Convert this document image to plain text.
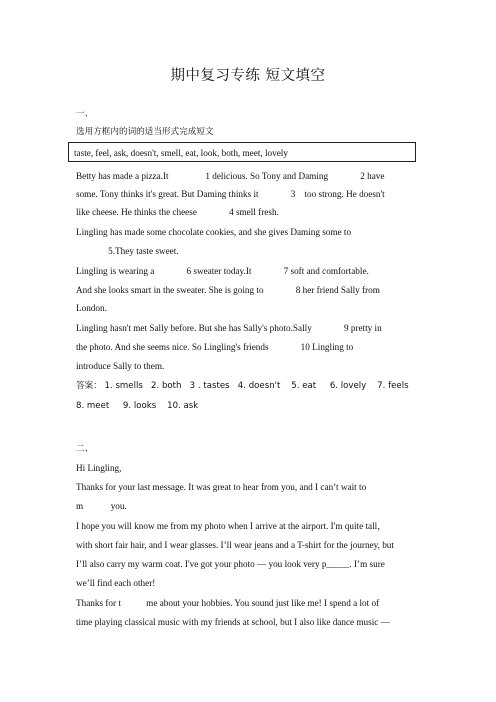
期中复习专练 短文填空
一、
选用方框内的词的适当形式完成短文
taste, feel, ask, doesn't, smell, eat, look, both, meet, lovely
Betty has made a pizza.It                1 delicious. So Tony and Daming              2 have
some. Tony thinks it's great. But Daming thinks it              3    too strong. He doesn't
like cheese. He thinks the cheese              4 smell fresh.
Lingling has made some chocolate cookies, and she gives Daming some to
5.They taste sweet.
Lingling is wearing a              6 sweater today.It              7 soft and comfortable.
And she looks smart in the sweater. She is going to              8 her friend Sally from
London.
Lingling hasn't met Sally before. But she has Sally's photo.Sally              9 pretty in
the photo. And she seems nice. So Lingling's friends              10 Lingling to
introduce Sally to them.
答案： 1. smells   2. both   3 . tastes   4. doesn't    5. eat     6. lovely    7. feels
8. meet     9. looks    10. ask
二、
Hi Lingling,
Thanks for your last message. It was great to hear from you, and I can’t wait to
m            you.
I hope you will know me from my photo when I arrive at the airport. I'm quite tall，
with short fair hair, and I wear glasses. I’ll wear jeans and a T-shirt for the journey, but
I’ll also carry my warm coat. I've got your photo — you look very p_____. I’m sure
we’ll find each other!
Thanks for t           me about your hobbies. You sound just like me! I spend a lot of
time playing classical music with my friends at school, but I also like dance music —
